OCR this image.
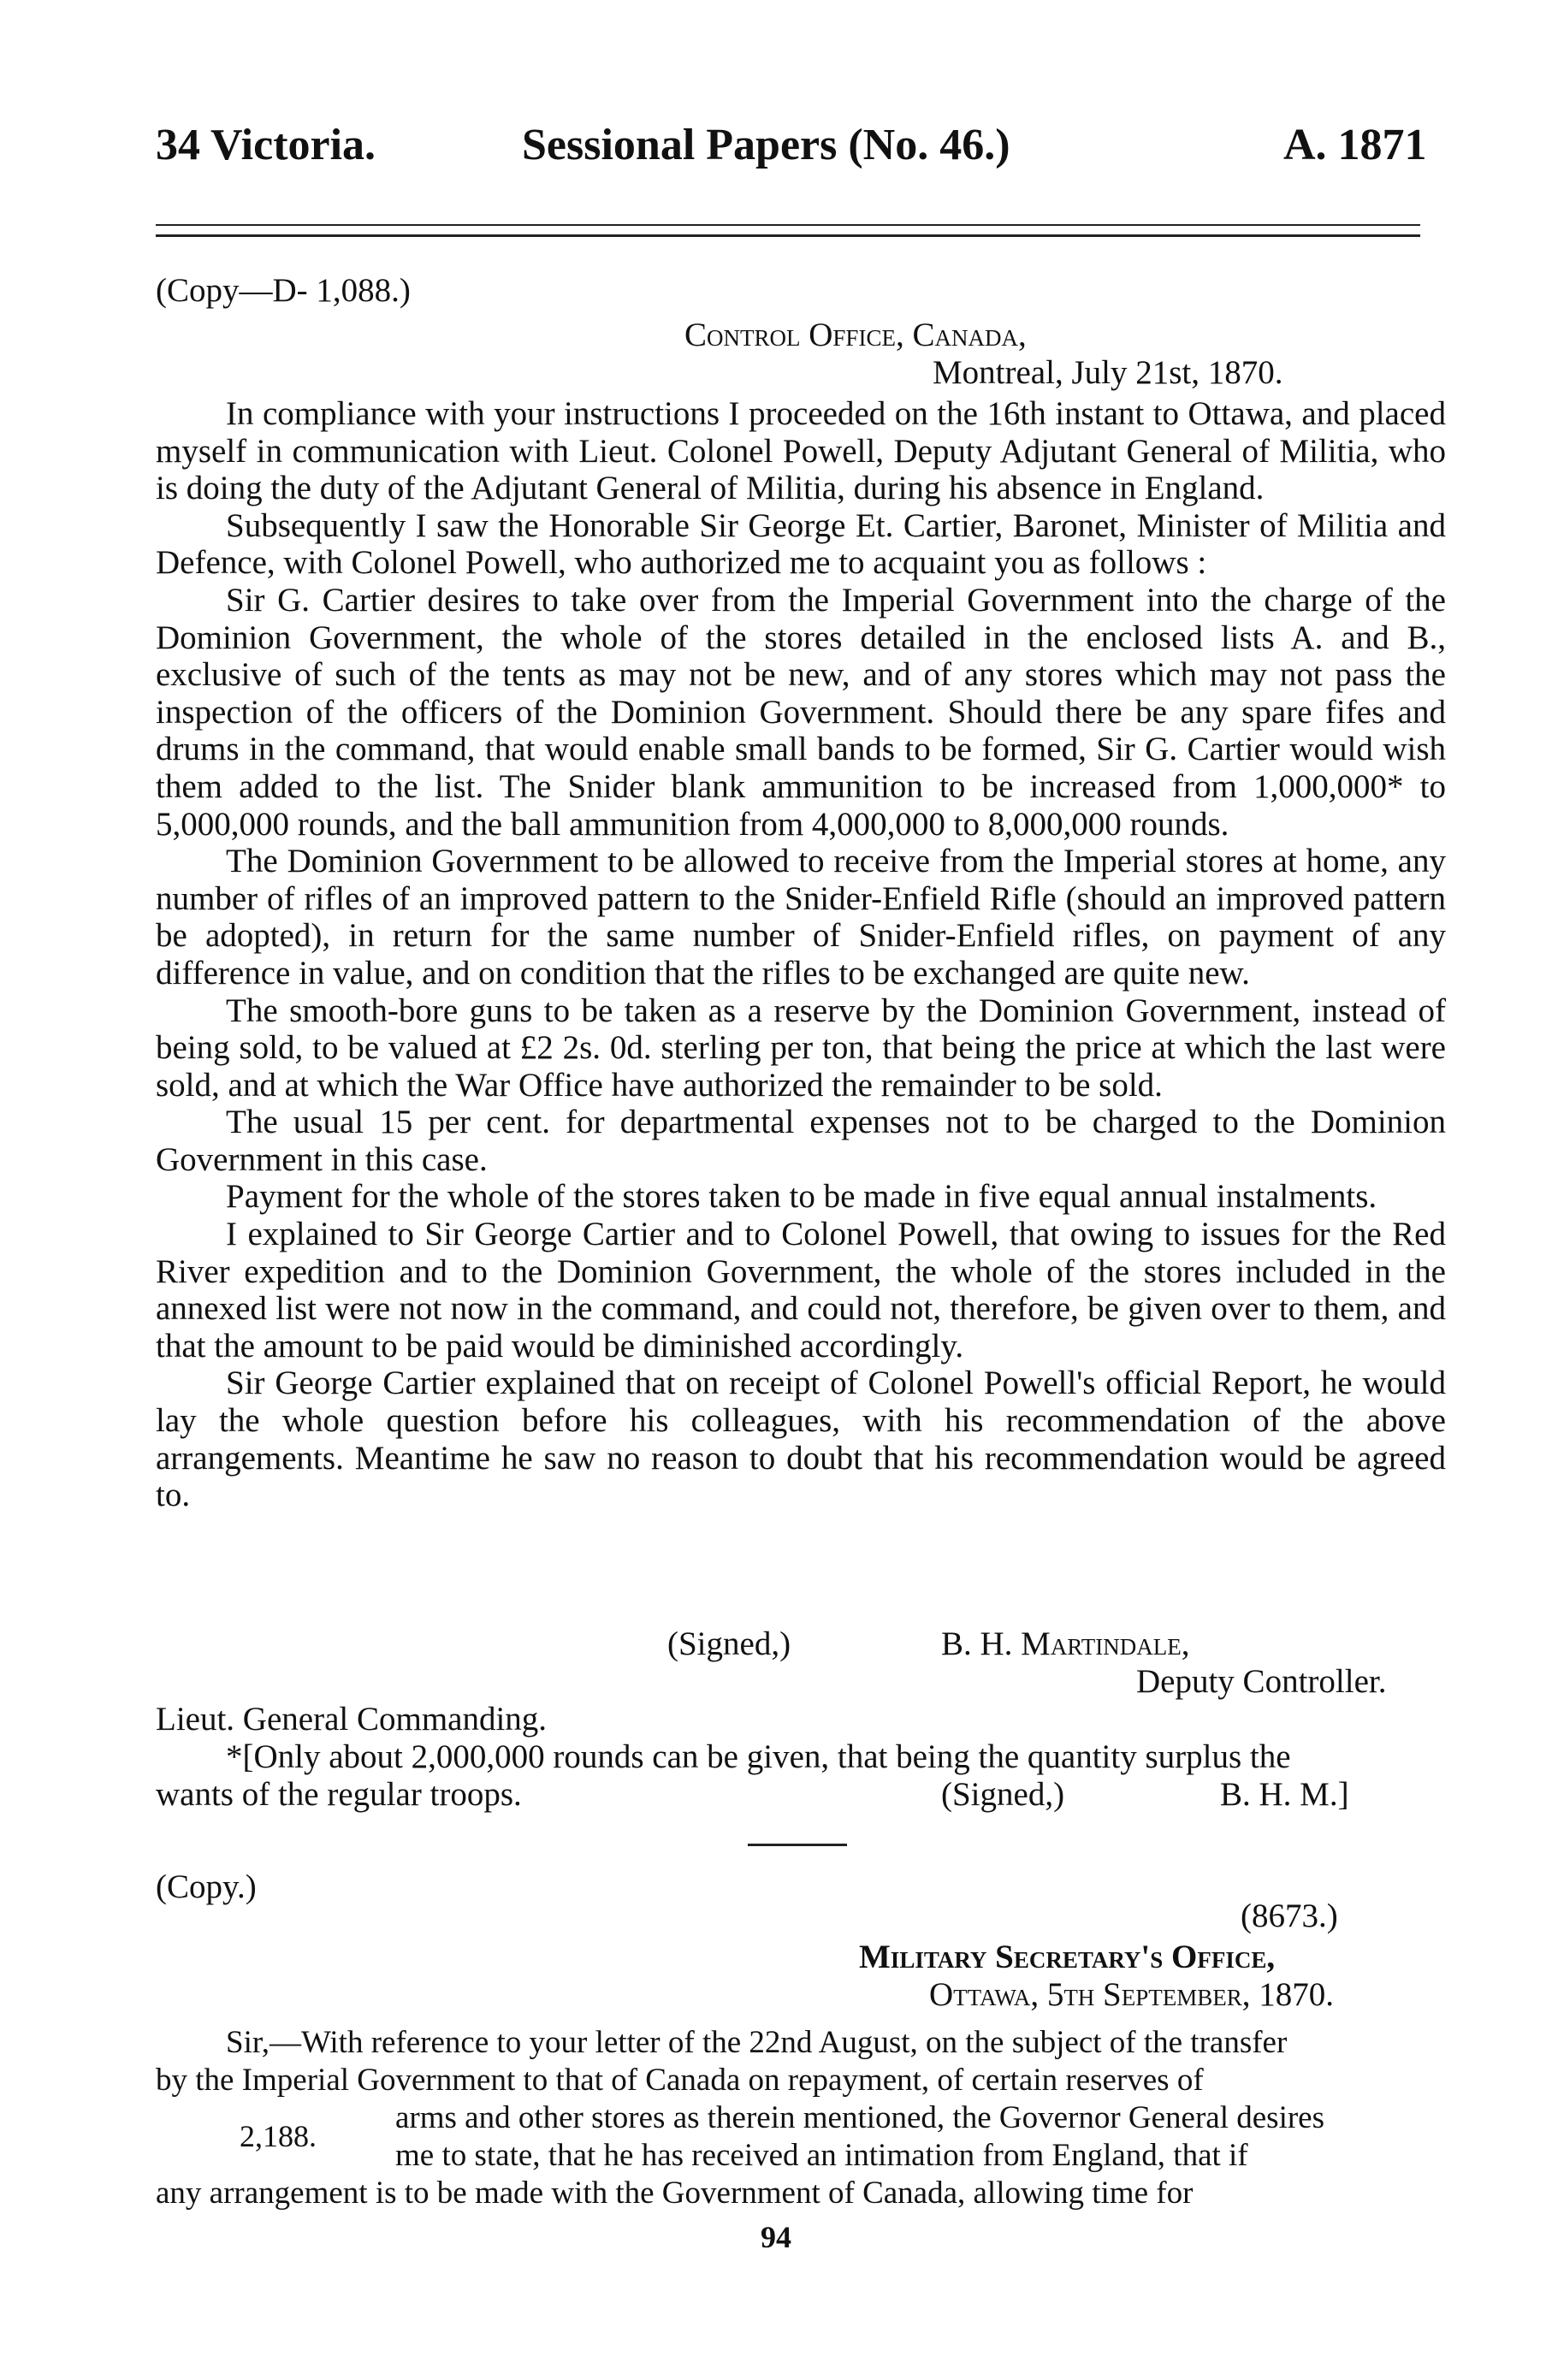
34 Victoria.	Sessional Papers (No. 46.)	A. 1871
(Copy—D- 1,088.)
Control Office, Canada,
Montreal, July 21st, 1870.

In compliance with your instructions I proceeded on the 16th instant to Ottawa, and placed myself in communication with Lieut. Colonel Powell, Deputy Adjutant General of Militia, who is doing the duty of the Adjutant General of Militia, during his absence in England.

Subsequently I saw the Honorable Sir George Et. Cartier, Baronet, Minister of Militia and Defence, with Colonel Powell, who authorized me to acquaint you as follows :

Sir G. Cartier desires to take over from the Imperial Government into the charge of the Dominion Government, the whole of the stores detailed in the enclosed lists A. and B., exclusive of such of the tents as may not be new, and of any stores which may not pass the inspection of the officers of the Dominion Government. Should there be any spare fifes and drums in the command, that would enable small bands to be formed, Sir G. Cartier would wish them added to the list. The Snider blank ammunition to be increased from 1,000,000* to 5,000,000 rounds, and the ball ammunition from 4,000,000 to 8,000,000 rounds.

The Dominion Government to be allowed to receive from the Imperial stores at home, any number of rifles of an improved pattern to the Snider-Enfield Rifle (should an improved pattern be adopted), in return for the same number of Snider-Enfield rifles, on payment of any difference in value, and on condition that the rifles to be exchanged are quite new.

The smooth-bore guns to be taken as a reserve by the Dominion Government, instead of being sold, to be valued at £2 2s. 0d. sterling per ton, that being the price at which the last were sold, and at which the War Office have authorized the remainder to be sold.

The usual 15 per cent. for departmental expenses not to be charged to the Dominion Government in this case.

Payment for the whole of the stores taken to be made in five equal annual instalments.

I explained to Sir George Cartier and to Colonel Powell, that owing to issues for the Red River expedition and to the Dominion Government, the whole of the stores included in the annexed list were not now in the command, and could not, therefore, be given over to them, and that the amount to be paid would be diminished accordingly.

Sir George Cartier explained that on receipt of Colonel Powell's official Report, he would lay the whole question before his colleagues, with his recommendation of the above arrangements. Meantime he saw no reason to doubt that his recommendation would be agreed to.

(Signed,)	B. H. Martindale,
Deputy Controller.
Lieut. General Commanding.
*[Only about 2,000,000 rounds can be given, that being the quantity surplus the
wants of the regular troops.	(Signed,)	B. H. M.]
(Copy.)
(8673.)
Military Secretary's Office,
Ottawa, 5th September, 1870.
Sir,—With reference to your letter of the 22nd August, on the subject of the transfer
by the Imperial Government to that of Canada on repayment, of certain reserves of
arms and other stores as therein mentioned, the Governor General desires
2,188.
me to state, that he has received an intimation from England, that if
any arrangement is to be made with the Government of Canada, allowing time for
94
